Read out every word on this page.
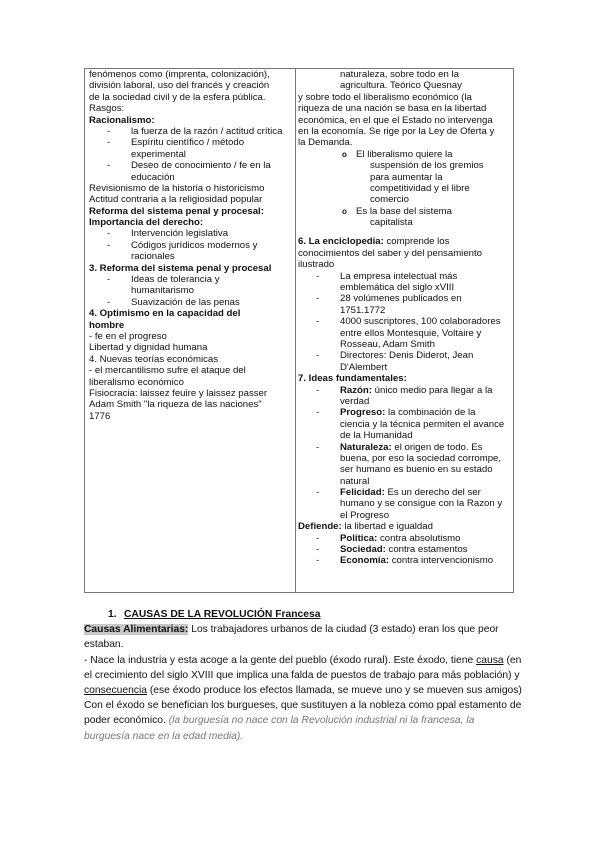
fenómenos como (imprenta, colonización),
división laboral, uso del francés y creación
de la sociedad civil y de la esfera pública.
Rasgos:
Racionalismo:
- la fuerza de la razón / actitud crítica
- Espíritu científico / método
experimental
- Deseo de conocimiento / fe en la
educación
Revisionismo de la historia o historicismo
Actitud contraria a la religiosidad popular
Reforma del sistema penal y procesal:
Importancia del derecho:
- Intervención legislativa
- Códigos jurídicos modernos y
racionales
3. Reforma del sistema penal y procesal
- Ideas de tolerancia y
humanitarismo
- Suavización de las penas
4. Optimismo en la capacidad del
hombre
- fe en el progreso
Libertad y dignidad humana
4. Nuevas teorías económicas
- el mercantilismo sufre el ataque del
liberalismo económico
Fisiocracia: laissez feuire y laissez passer
Adam Smith "la riqueza de las naciones"
1776
naturaleza, sobre todo en la
agricultura. Teórico Quesnay
y sobre todo el liberalismo económico (la
riqueza de una nación se basa en la libertad
económica, en el que el Estado no intervenga
en la economía. Se rige por la Ley de Oferta y
la Demanda.
o El liberalismo quiere la
suspensión de los gremios
para aumentar la
competitividad y el libre
comercio
o Es la base del sistema
capitalista
6. La enciclopedia: comprende los
conocimientos del saber y del pensamiento
ilustrado
- La empresa intelectual más
emblemática del siglo xVIII
- 28 volúmenes publicados en
1751.1772
- 4000 suscriptores, 100 colaboradores
entre ellos Montesquie, Voltaire y
Rosseau, Adam Smith
- Directores: Denis Diderot, Jean
D'Alembert
7. Ideas fundamentales:
- Razón: único medio para llegar a la
verdad
- Progreso: la combinación de la
ciencia y la técnica permiten el avance
de la Humanidad
- Naturaleza: el origen de todo. Es
buena, por eso la sociedad corrompe,
ser humano es buenio en su estado
natural
- Felicidad: Es un derecho del ser
humano y se consigue con la Razon y
el Progreso
Defiende: la libertad e igualdad
- Política: contra absolutismo
- Sociedad: contra estamentos
- Economía: contra intervencionismo
1. CAUSAS DE LA REVOLUCIÓN Francesa
Causas Alimentarias: Los trabajadores urbanos de la ciudad (3 estado) eran los que peor
estaban.
- Nace la industria y esta acoge a la gente del pueblo (éxodo rural). Este éxodo, tiene causa (en
el crecimiento del siglo XVIII que implica una falda de puestos de trabajo para más población) y
consecuencia (ese éxodo produce los efectos llamada, se mueve uno y se mueven sus amigos)
Con el éxodo se benefician los burgueses, que sustituyen a la nobleza como ppal estamento de
poder económico. (la burguesía no nace con la Revolución industrial ni la francesa, la
burguesía nace en la edad media).
